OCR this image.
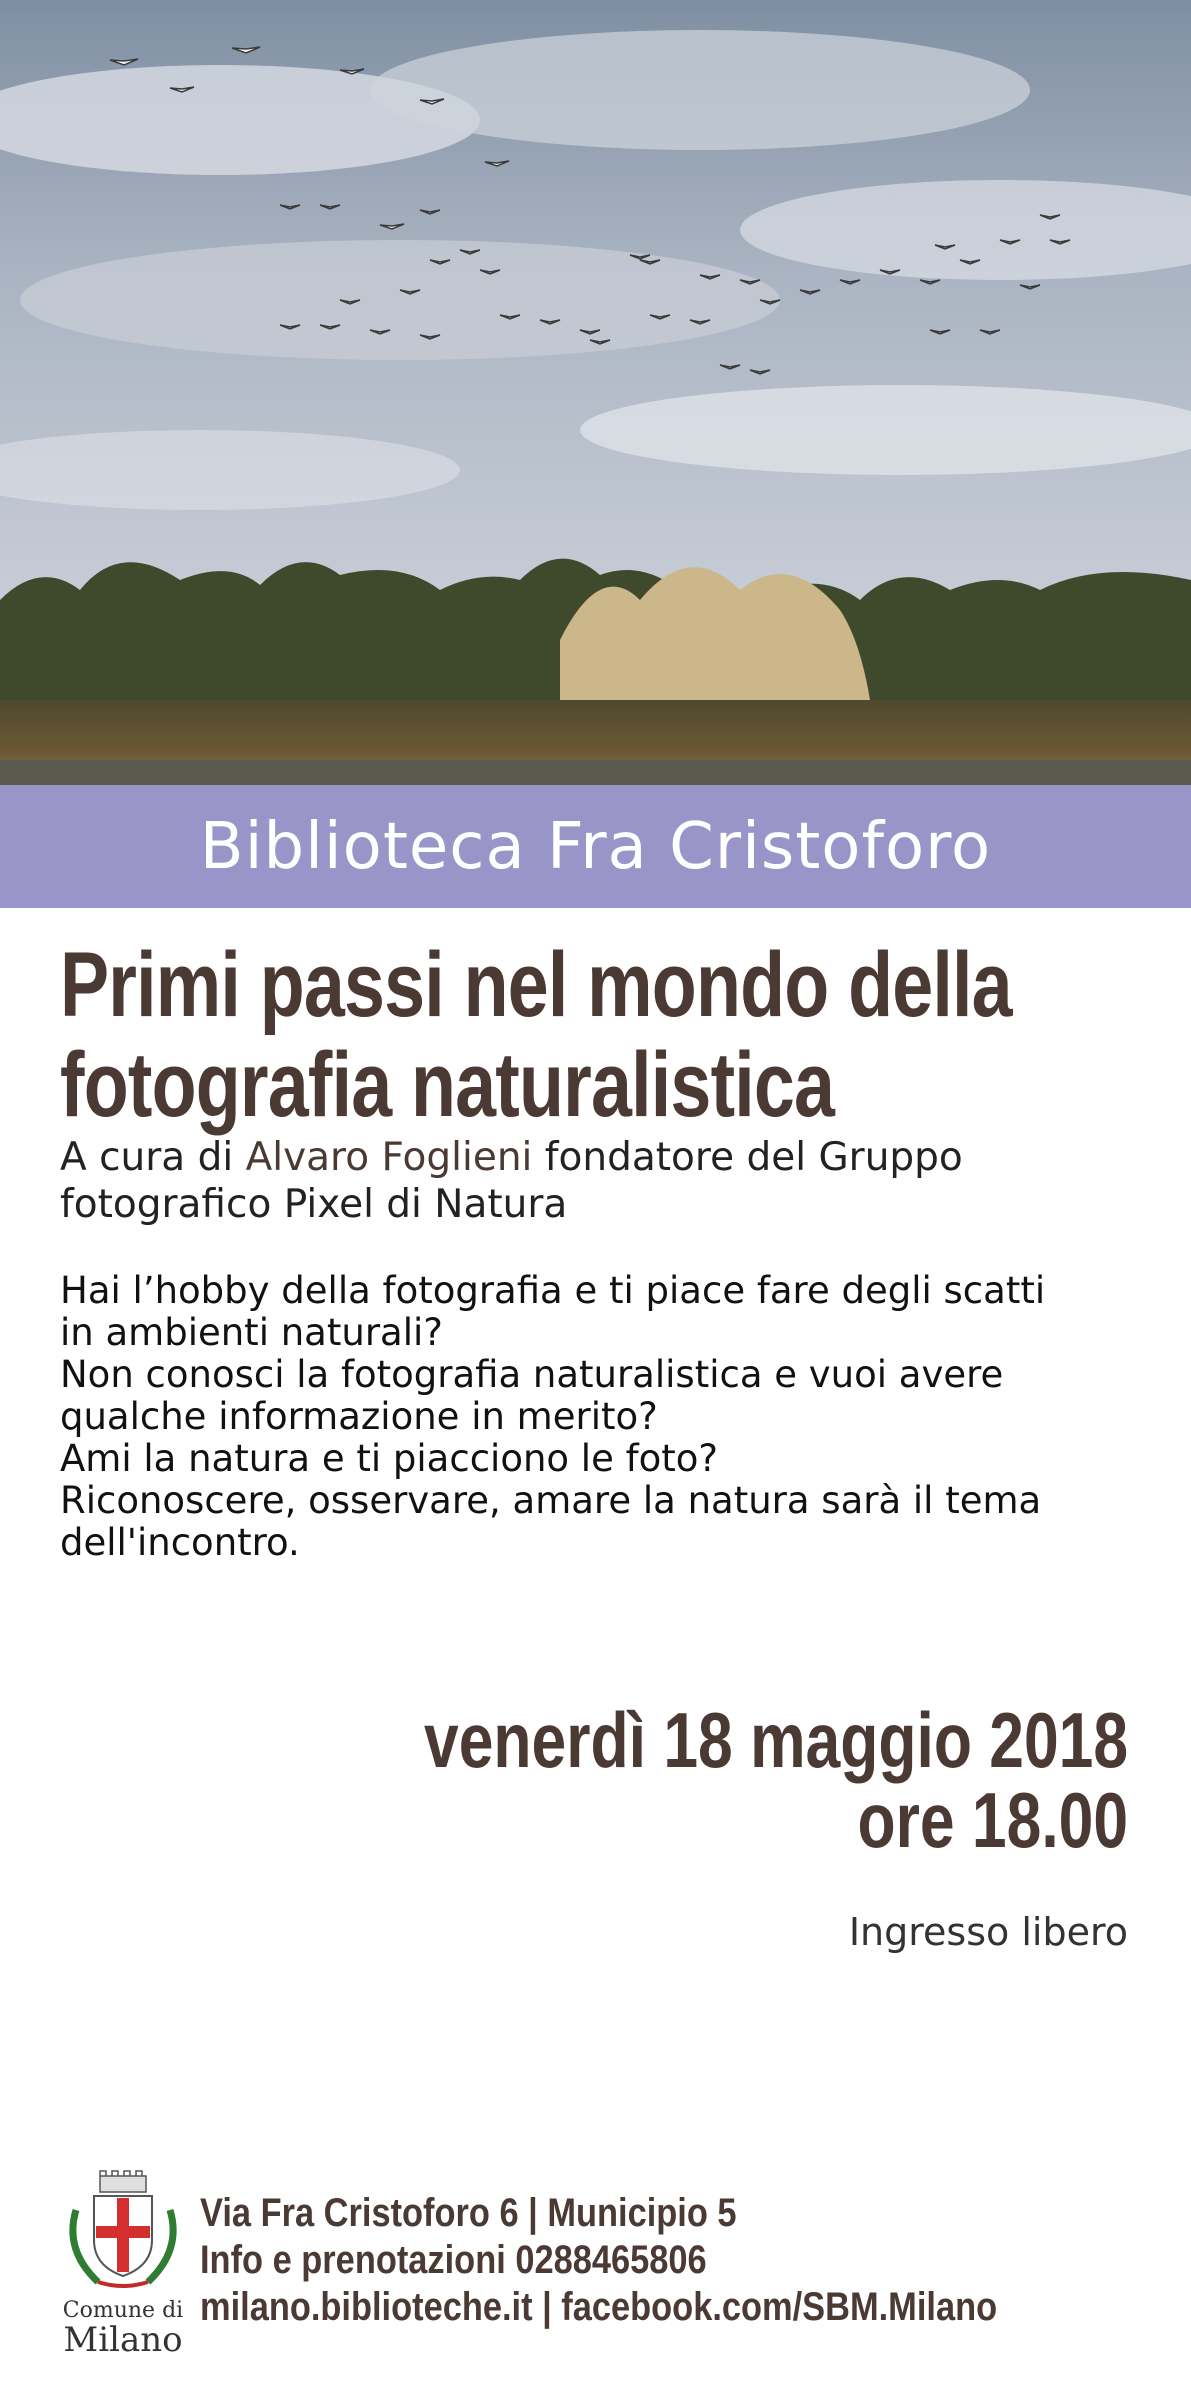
Biblioteca Fra Cristoforo
Primi passi nel mondo della
fotografia naturalistica
A cura di Alvaro Foglieni fondatore del Gruppo
fotografico Pixel di Natura

Hai l’hobby della fotografia e ti piace fare degli scatti

in ambienti naturali?

Non conosci la fotografia naturalistica e vuoi avere

qualche informazione in merito?

Ami la natura e ti piacciono le foto?

Riconoscere, osservare, amare la natura sarà il tema

dell'incontro.

venerdì 18 maggio 2018
ore 18.00
Ingresso libero
Comune di
Milano
Via Fra Cristoforo 6 | Municipio 5
Info e prenotazioni 0288465806
milano.biblioteche.it | facebook.com/SBM.Milano
